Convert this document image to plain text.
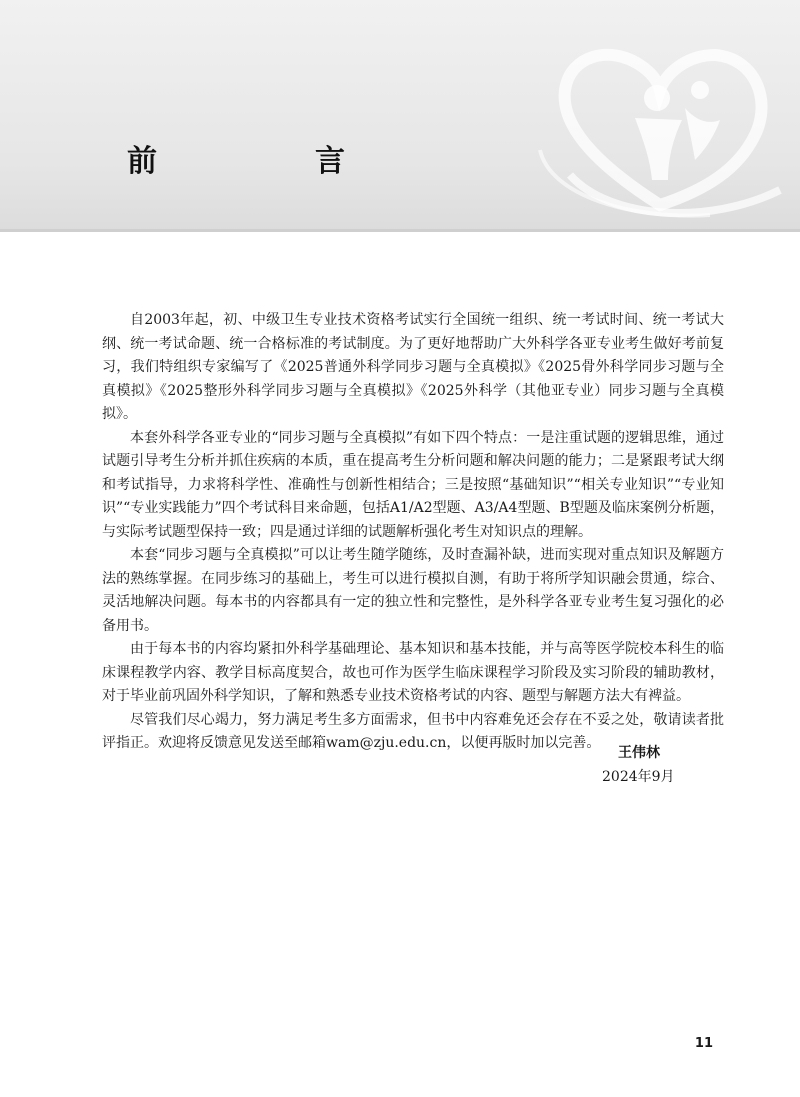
前　言

自2003年起，初、中级卫生专业技术资格考试实行全国统一组织、统一考试时间、统一考试大纲、统一考试命题、统一合格标准的考试制度。为了更好地帮助广大外科学各亚专业考生做好考前复习，我们特组织专家编写了《2025普通外科学同步习题与全真模拟》《2025骨外科学同步习题与全真模拟》《2025整形外科学同步习题与全真模拟》《2025外科学（其他亚专业）同步习题与全真模拟》。

本套外科学各亚专业的“同步习题与全真模拟”有如下四个特点：一是注重试题的逻辑思维，通过试题引导考生分析并抓住疾病的本质，重在提高考生分析问题和解决问题的能力；二是紧跟考试大纲和考试指导，力求将科学性、准确性与创新性相结合；三是按照“基础知识”“相关专业知识”“专业知识”“专业实践能力”四个考试科目来命题，包括A1/A2型题、A3/A4型题、B型题及临床案例分析题，与实际考试题型保持一致；四是通过详细的试题解析强化考生对知识点的理解。

本套“同步习题与全真模拟”可以让考生随学随练，及时查漏补缺，进而实现对重点知识及解题方法的熟练掌握。在同步练习的基础上，考生可以进行模拟自测，有助于将所学知识融会贯通，综合、灵活地解决问题。每本书的内容都具有一定的独立性和完整性，是外科学各亚专业考生复习强化的必备用书。

由于每本书的内容均紧扣外科学基础理论、基本知识和基本技能，并与高等医学院校本科生的临床课程教学内容、教学目标高度契合，故也可作为医学生临床课程学习阶段及实习阶段的辅助教材，对于毕业前巩固外科学知识，了解和熟悉专业技术资格考试的内容、题型与解题方法大有裨益。

尽管我们尽心竭力，努力满足考生多方面需求，但书中内容难免还会存在不妥之处，敬请读者批评指正。欢迎将反馈意见发送至邮箱wam@zju.edu.cn，以便再版时加以完善。

王伟林
2024年9月
11
